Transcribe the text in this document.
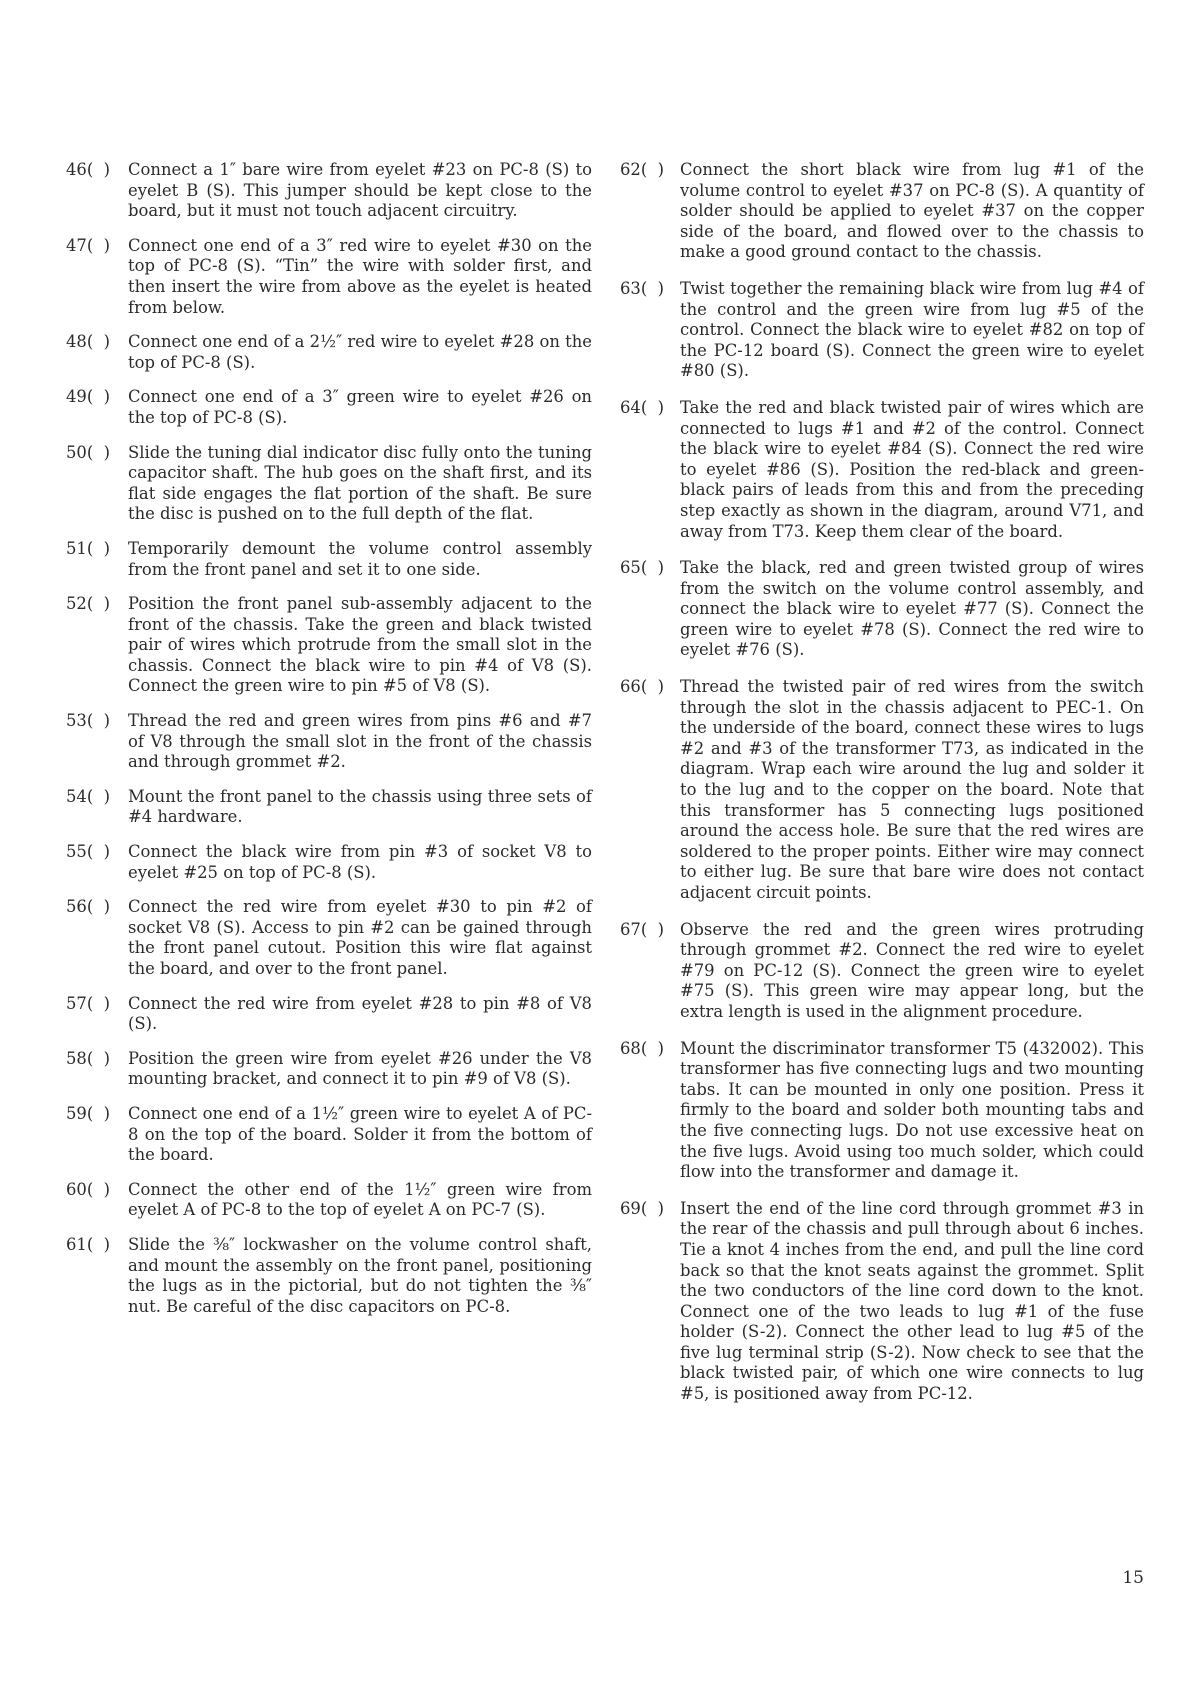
46(  )	Connect a 1″ bare wire from eyelet #23 on PC-8 (S) to eyelet B (S). This jumper should be kept close to the board, but it must not touch adjacent circuitry.
47(  )	Connect one end of a 3″ red wire to eyelet #30 on the top of PC-8 (S). “Tin” the wire with solder first, and then insert the wire from above as the eyelet is heated from below.
48(  )	Connect one end of a 2½″ red wire to eyelet #28 on the top of PC-8 (S).
49(  )	Connect one end of a 3″ green wire to eyelet #26 on the top of PC-8 (S).
50(  )	Slide the tuning dial indicator disc fully onto the tuning capacitor shaft. The hub goes on the shaft first, and its flat side engages the flat portion of the shaft. Be sure the disc is pushed on to the full depth of the flat.
51(  )	Temporarily demount the volume control assembly from the front panel and set it to one side.
52(  )	Position the front panel sub-assembly adjacent to the front of the chassis. Take the green and black twisted pair of wires which protrude from the small slot in the chassis. Connect the black wire to pin #4 of V8 (S). Connect the green wire to pin #5 of V8 (S).
53(  )	Thread the red and green wires from pins #6 and #7 of V8 through the small slot in the front of the chassis and through grommet #2.
54(  )	Mount the front panel to the chassis using three sets of #4 hardware.
55(  )	Connect the black wire from pin #3 of socket V8 to eyelet #25 on top of PC-8 (S).
56(  )	Connect the red wire from eyelet #30 to pin #2 of socket V8 (S). Access to pin #2 can be gained through the front panel cutout. Position this wire flat against the board, and over to the front panel.
57(  )	Connect the red wire from eyelet #28 to pin #8 of V8 (S).
58(  )	Position the green wire from eyelet #26 under the V8 mounting bracket, and connect it to pin #9 of V8 (S).
59(  )	Connect one end of a 1½″ green wire to eyelet A of PC-8 on the top of the board. Solder it from the bottom of the board.
60(  )	Connect the other end of the 1½″ green wire from eyelet A of PC-8 to the top of eyelet A on PC-7 (S).
61(  )	Slide the ⅜″ lockwasher on the volume control shaft, and mount the assembly on the front panel, positioning the lugs as in the pictorial, but do not tighten the ⅜″ nut. Be careful of the disc capacitors on PC-8.
62(  ) Connect the short black wire from lug #1 of the volume control to eyelet #37 on PC-8 (S). A quantity of solder should be applied to eyelet #37 on the copper side of the board, and flowed over to the chassis to make a good ground contact to the chassis.
63(  ) Twist together the remaining black wire from lug #4 of the control and the green wire from lug #5 of the control. Connect the black wire to eyelet #82 on top of the PC-12 board (S). Connect the green wire to eyelet #80 (S).
64(  ) Take the red and black twisted pair of wires which are connected to lugs #1 and #2 of the control. Connect the black wire to eyelet #84 (S). Connect the red wire to eyelet #86 (S). Position the red-black and green-black pairs of leads from this and from the preceding step exactly as shown in the diagram, around V71, and away from T73. Keep them clear of the board.
65(  ) Take the black, red and green twisted group of wires from the switch on the volume control assembly, and connect the black wire to eyelet #77 (S). Connect the green wire to eyelet #78 (S). Connect the red wire to eyelet #76 (S).
66(  ) Thread the twisted pair of red wires from the switch through the slot in the chassis adjacent to PEC-1. On the underside of the board, connect these wires to lugs #2 and #3 of the transformer T73, as indicated in the diagram. Wrap each wire around the lug and solder it to the lug and to the copper on the board. Note that this transformer has 5 connecting lugs positioned around the access hole. Be sure that the red wires are soldered to the proper points. Either wire may connect to either lug. Be sure that bare wire does not contact adjacent circuit points.
67(  ) Observe the red and the green wires protruding through grommet #2. Connect the red wire to eyelet #79 on PC-12 (S). Connect the green wire to eyelet #75 (S). This green wire may appear long, but the extra length is used in the alignment procedure.
68(  ) Mount the discriminator transformer T5 (432002). This transformer has five connecting lugs and two mounting tabs. It can be mounted in only one position. Press it firmly to the board and solder both mounting tabs and the five connecting lugs. Do not use excessive heat on the five lugs. Avoid using too much solder, which could flow into the transformer and damage it.
69(  ) Insert the end of the line cord through grommet #3 in the rear of the chassis and pull through about 6 inches. Tie a knot 4 inches from the end, and pull the line cord back so that the knot seats against the grommet. Split the two conductors of the line cord down to the knot. Connect one of the two leads to lug #1 of the fuse holder (S-2). Connect the other lead to lug #5 of the five lug terminal strip (S-2). Now check to see that the black twisted pair, of which one wire connects to lug #5, is positioned away from PC-12.
15
